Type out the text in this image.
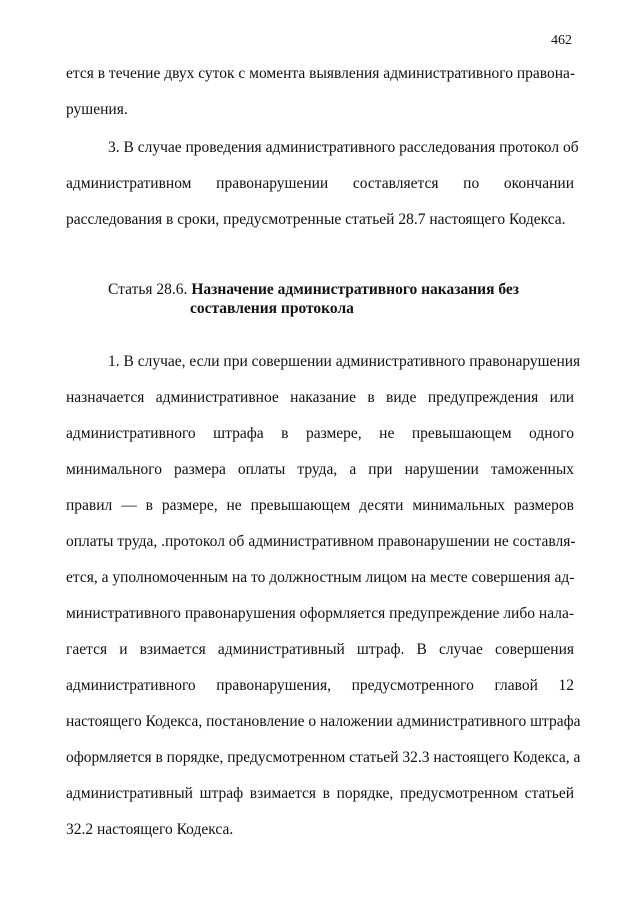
462
ется в течение двух суток с момента выявления административного правона-
рушения.
3. В случае проведения административного расследования протокол об
административном правонарушении составляется по окончании
расследования в сроки, предусмотренные статьей 28.7 настоящего Кодекса.
Статья 28.6. Назначение административного наказания без
составления протокола
1. В случае, если при совершении административного правонарушения
назначается административное наказание в виде предупреждения или
административного штрафа в размере, не превышающем одного
минимального размера оплаты труда, а при нарушении таможенных
правил — в размере, не превышающем десяти минимальных размеров
оплаты труда, .протокол об административном правонарушении не составля-
ется, а уполномоченным на то должностным лицом на месте совершения ад-
министративного правонарушения оформляется предупреждение либо нала-
гается и взимается административный штраф. В случае совершения
административного правонарушения, предусмотренного главой 12
настоящего Кодекса, постановление о наложении административного штрафа
оформляется в порядке, предусмотренном статьей 32.3 настоящего Кодекса, а
административный штраф взимается в порядке, предусмотренном статьей
32.2 настоящего Кодекса.
